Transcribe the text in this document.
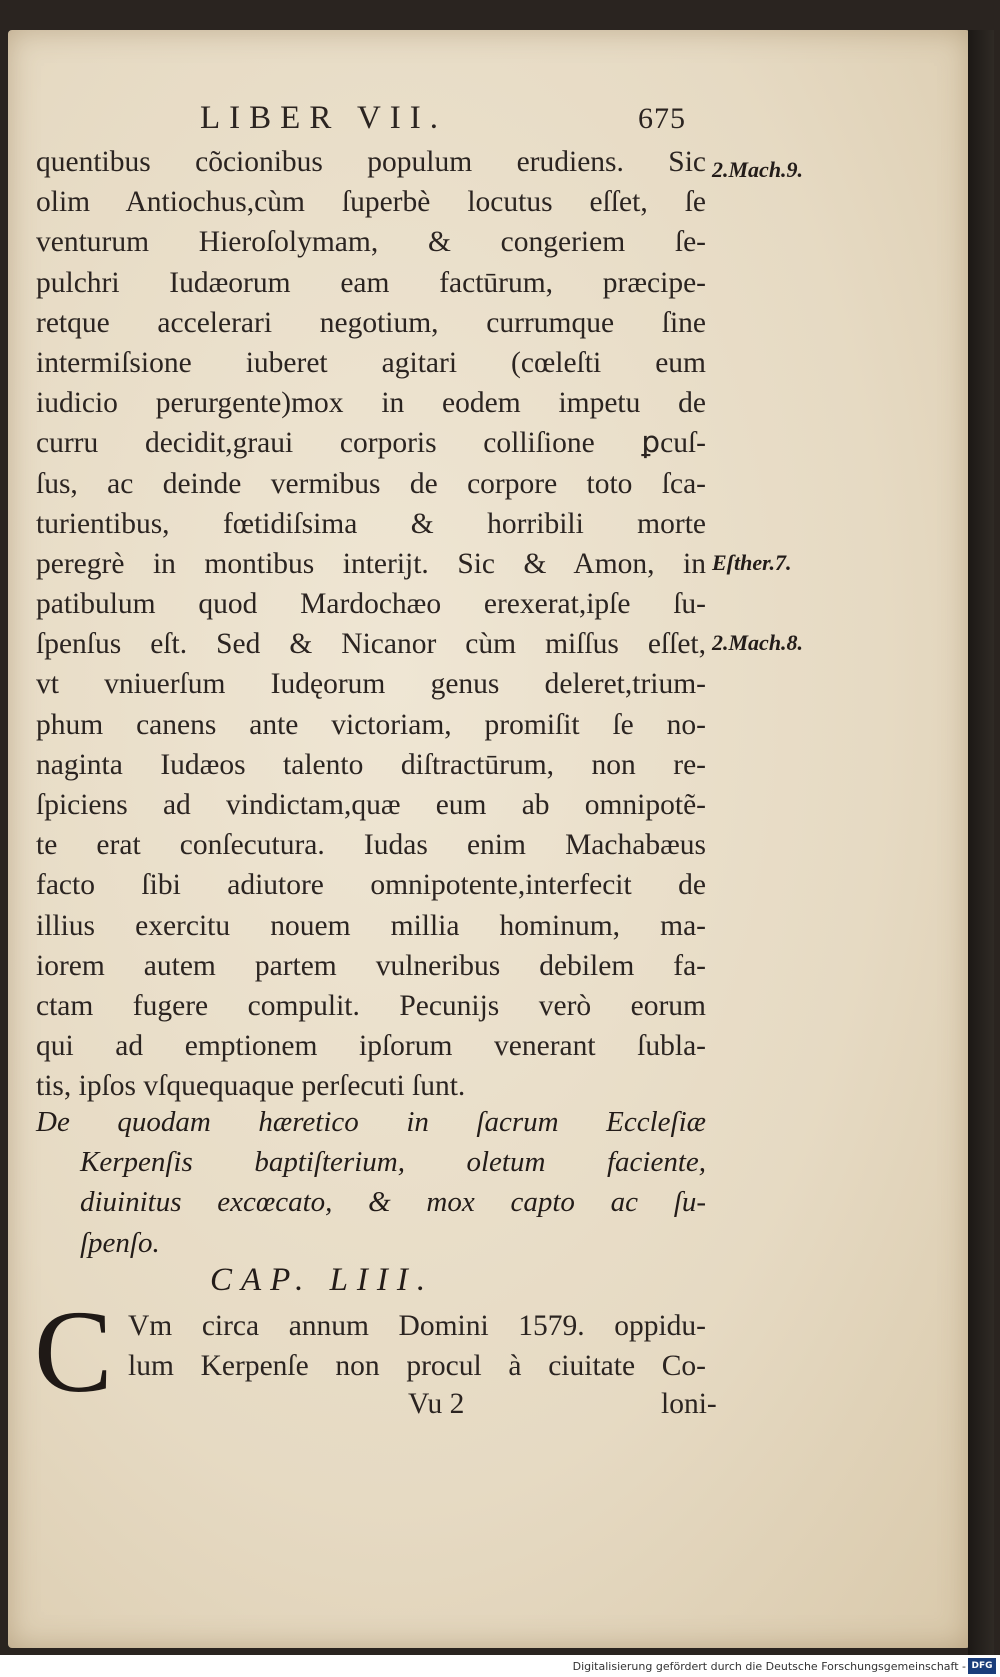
LIBER VII.	675
quentibus cõcionibus populum erudiens. Sic
olim Antiochus,cùm ſuperbè locutus eſſet, ſe
venturum Hieroſolymam, & congeriem ſe-
pulchri Iudæorum eam factūrum, præcipe-
retque accelerari negotium, currumque ſine
intermiſsione iuberet agitari (cœleſti eum
iudicio perurgente)mox in eodem impetu de
curru decidit,graui corporis colliſione ꝑcuſ-
ſus, ac deinde vermibus de corpore toto ſca-
turientibus, fœtidiſsima & horribili morte
peregrè in montibus interijt. Sic & Amon, in
patibulum quod Mardochæo erexerat,ipſe ſu-
ſpenſus eſt. Sed & Nicanor cùm miſſus eſſet,
vt vniuerſum Iudęorum genus deleret,trium-
phum canens ante victoriam, promiſit ſe no-
naginta Iudæos talento diſtractūrum, non re-
ſpiciens ad vindictam,quæ eum ab omnipotẽ-
te erat conſecutura. Iudas enim Machabæus
facto ſibi adiutore omnipotente,interfecit de
illius exercitu nouem millia hominum, ma-
iorem autem partem vulneribus debilem fa-
ctam fugere compulit. Pecunijs verò eorum
qui ad emptionem ipſorum venerant ſubla-
tis, ipſos vſquequaque perſecuti ſunt.
2.Mach.9.
Eſther.7.
2.Mach.8.
De quodam hæretico in ſacrum Eccleſiæ
Kerpenſis baptiſterium, oletum faciente,
diuinitus excœcato, & mox capto ac ſu-
ſpenſo.
CAP. LIII.
C Vm circa annum Domini 1579. oppidu-
lum Kerpenſe non procul à ciuitate Co-
Vu 2	loni-
Digitalisierung gefördert durch die Deutsche Forschungsgemeinschaft - DFG
